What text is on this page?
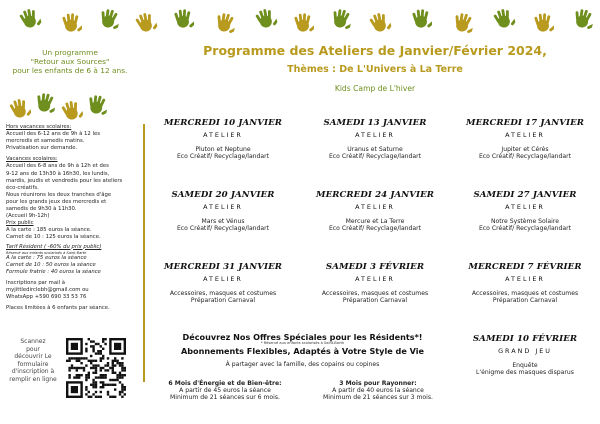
Un programme
"Retour aux Sources"
pour les enfants de 6 à 12 ans.

Hors vacances scolaires:

Accueil des 6-12 ans de 9h à 12 les

mercredis et samedis matins.

Privatisation sur demande.

Vacances scolaires:

Accueil des 6-8 ans de 9h à 12h et des

9-12 ans de 13h30 à 16h30, les lundis,

mardis, jeudis et vendredis pour les ateliers

éco-créatifs.

Nous réunirons les deux tranches d'âge

pour les grands jeux des mercredis et

samedis de 9h30 à 11h30.

(Accueil 9h-12h)

Prix public

A la carte : 185 euros la séance.

Carnet de 10 : 125 euros la séance.

Tarif Résident ( -60% du prix public)

Réservé aux enfants scolarisés à Saint Barth

A la carte : 75 euros la séance

Carnet de 10 : 50 euros la séance

Formule fratrie : 40 euros la séance

Inscriptions par mail à

myjittledirclebh@gmail.com ou

WhatsApp +590 690 33 53 76

Places limitées à 6 enfants par séance.

Scannez
pour
découvrir Le
formulaire
d'inscription à
remplir en ligne
Programme des Ateliers de Janvier/Février 2024,
Thèmes : De L'Univers à La Terre
Kids Camp de L'hiver
MERCREDI 10 JANVIER
ATELIER
Pluton et Neptune
Eco Créatif/ Recyclage/landart
SAMEDI 13 JANVIER
ATELIER
Uranus et Saturne
Eco Créatif/ Recyclage/landart
MERCREDI 17 JANVIER
ATELIER
Jupiter et Cérès
Eco Créatif/ Recyclage/landart
SAMEDI 20 JANVIER
ATELIER
Mars et Vénus
Eco Créatif/ Recyclage/landart
MERCREDI 24 JANVIER
ATELIER
Mercure et La Terre
Eco Créatif/ Recyclage/landart
SAMEDI 27 JANVIER
ATELIER
Notre Système Solaire
Eco Créatif/ Recyclage/landart
MERCREDI 31 JANVIER
ATELIER
Accessoires, masques et costumes
Préparation Carnaval
SAMEDI 3 FÉVRIER
ATELIER
Accessoires, masques et costumes
Préparation Carnaval
MERCREDI 7 FÉVRIER
ATELIER
Accessoires, masques et costumes
Préparation Carnaval
SAMEDI 10 FÉVRIER
GRAND JEU
Enquête
L'énigme des masques disparus
Découvrez Nos Offres Spéciales pour les Résidents*!
* Réservé aux enfants scolarisés à Saint-Barth
Abonnements Flexibles, Adaptés à Votre Style de Vie
À partager avec la famille, des copains ou copines
6 Mois d'Énergie et de Bien-être:
A partir de 45 euros la séance
Minimum de 21 séances sur 6 mois.
3 Mois pour Rayonner:
A partir de 40 euros la séance
Minimum de 21 séances sur 3 mois.
